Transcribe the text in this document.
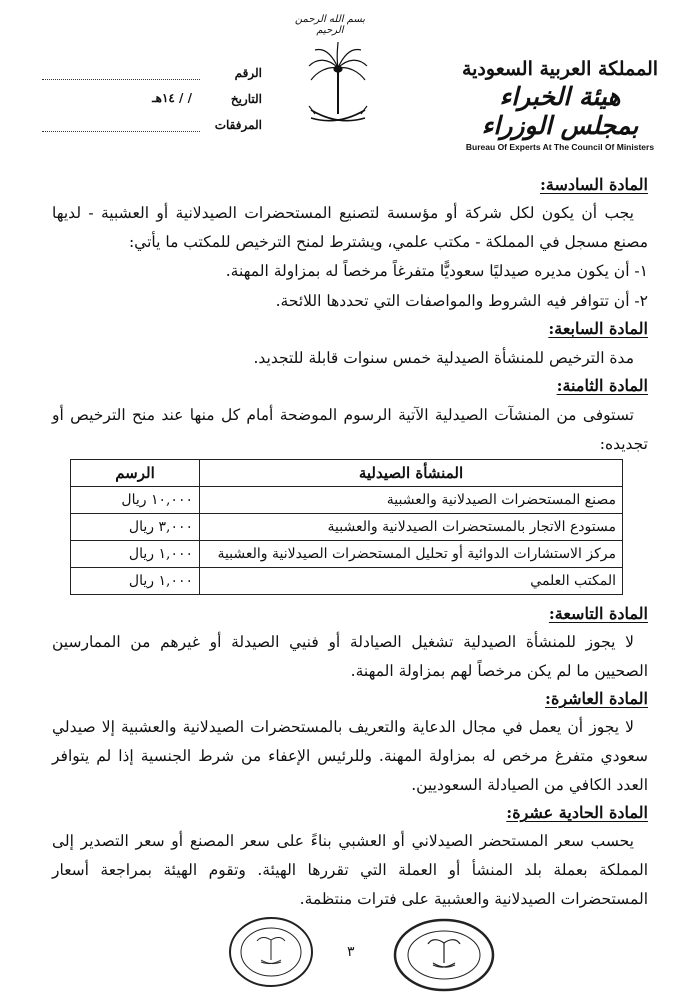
بسم الله الرحمن الرحيم
المملكة العربية السعودية
هيئة الخبراء بمجلس الوزراء
Bureau Of Experts At The Council Of Ministers
الرقم
التاريخ
/ / ١٤هـ
المرفقات
المادة السادسة:
يجب أن يكون لكل شركة أو مؤسسة لتصنيع المستحضرات الصيدلانية أو العشبية - لديها مصنع مسجل في المملكة - مكتب علمي، ويشترط لمنح الترخيص للمكتب ما يأتي:
١- أن يكون مديره صيدليًا سعوديًّا متفرغاً مرخصاً له بمزاولة المهنة.
٢- أن تتوافر فيه الشروط والمواصفات التي تحددها اللائحة.
المادة السابعة:
مدة الترخيص للمنشأة الصيدلية خمس سنوات قابلة للتجديد.
المادة الثامنة:
تستوفى من المنشآت الصيدلية الآتية الرسوم الموضحة أمام كل منها عند منح الترخيص أو تجديده:
المنشأة الصيدلية	الرسم
مصنع المستحضرات الصيدلانية والعشبية	١٠,٠٠٠ ريال
مستودع الاتجار بالمستحضرات الصيدلانية والعشبية	٣,٠٠٠ ريال
مركز الاستشارات الدوائية أو تحليل المستحضرات الصيدلانية والعشبية	١,٠٠٠ ريال
المكتب العلمي	١,٠٠٠ ريال
المادة التاسعة:
لا يجوز للمنشأة الصيدلية تشغيل الصيادلة أو فنيي الصيدلة أو غيرهم من الممارسين الصحيين ما لم يكن مرخصاً لهم بمزاولة المهنة.
المادة العاشرة:
لا يجوز أن يعمل في مجال الدعاية والتعريف بالمستحضرات الصيدلانية والعشبية إلا صيدلي سعودي متفرغ مرخص له بمزاولة المهنة. وللرئيس الإعفاء من شرط الجنسية إذا لم يتوافر العدد الكافي من الصيادلة السعوديين.
المادة الحادية عشرة:
يحسب سعر المستحضر الصيدلاني أو العشبي بناءً على سعر المصنع أو سعر التصدير إلى المملكة بعملة بلد المنشأ أو العملة التي تقررها الهيئة. وتقوم الهيئة بمراجعة أسعار المستحضرات الصيدلانية والعشبية على فترات منتظمة.
٣
